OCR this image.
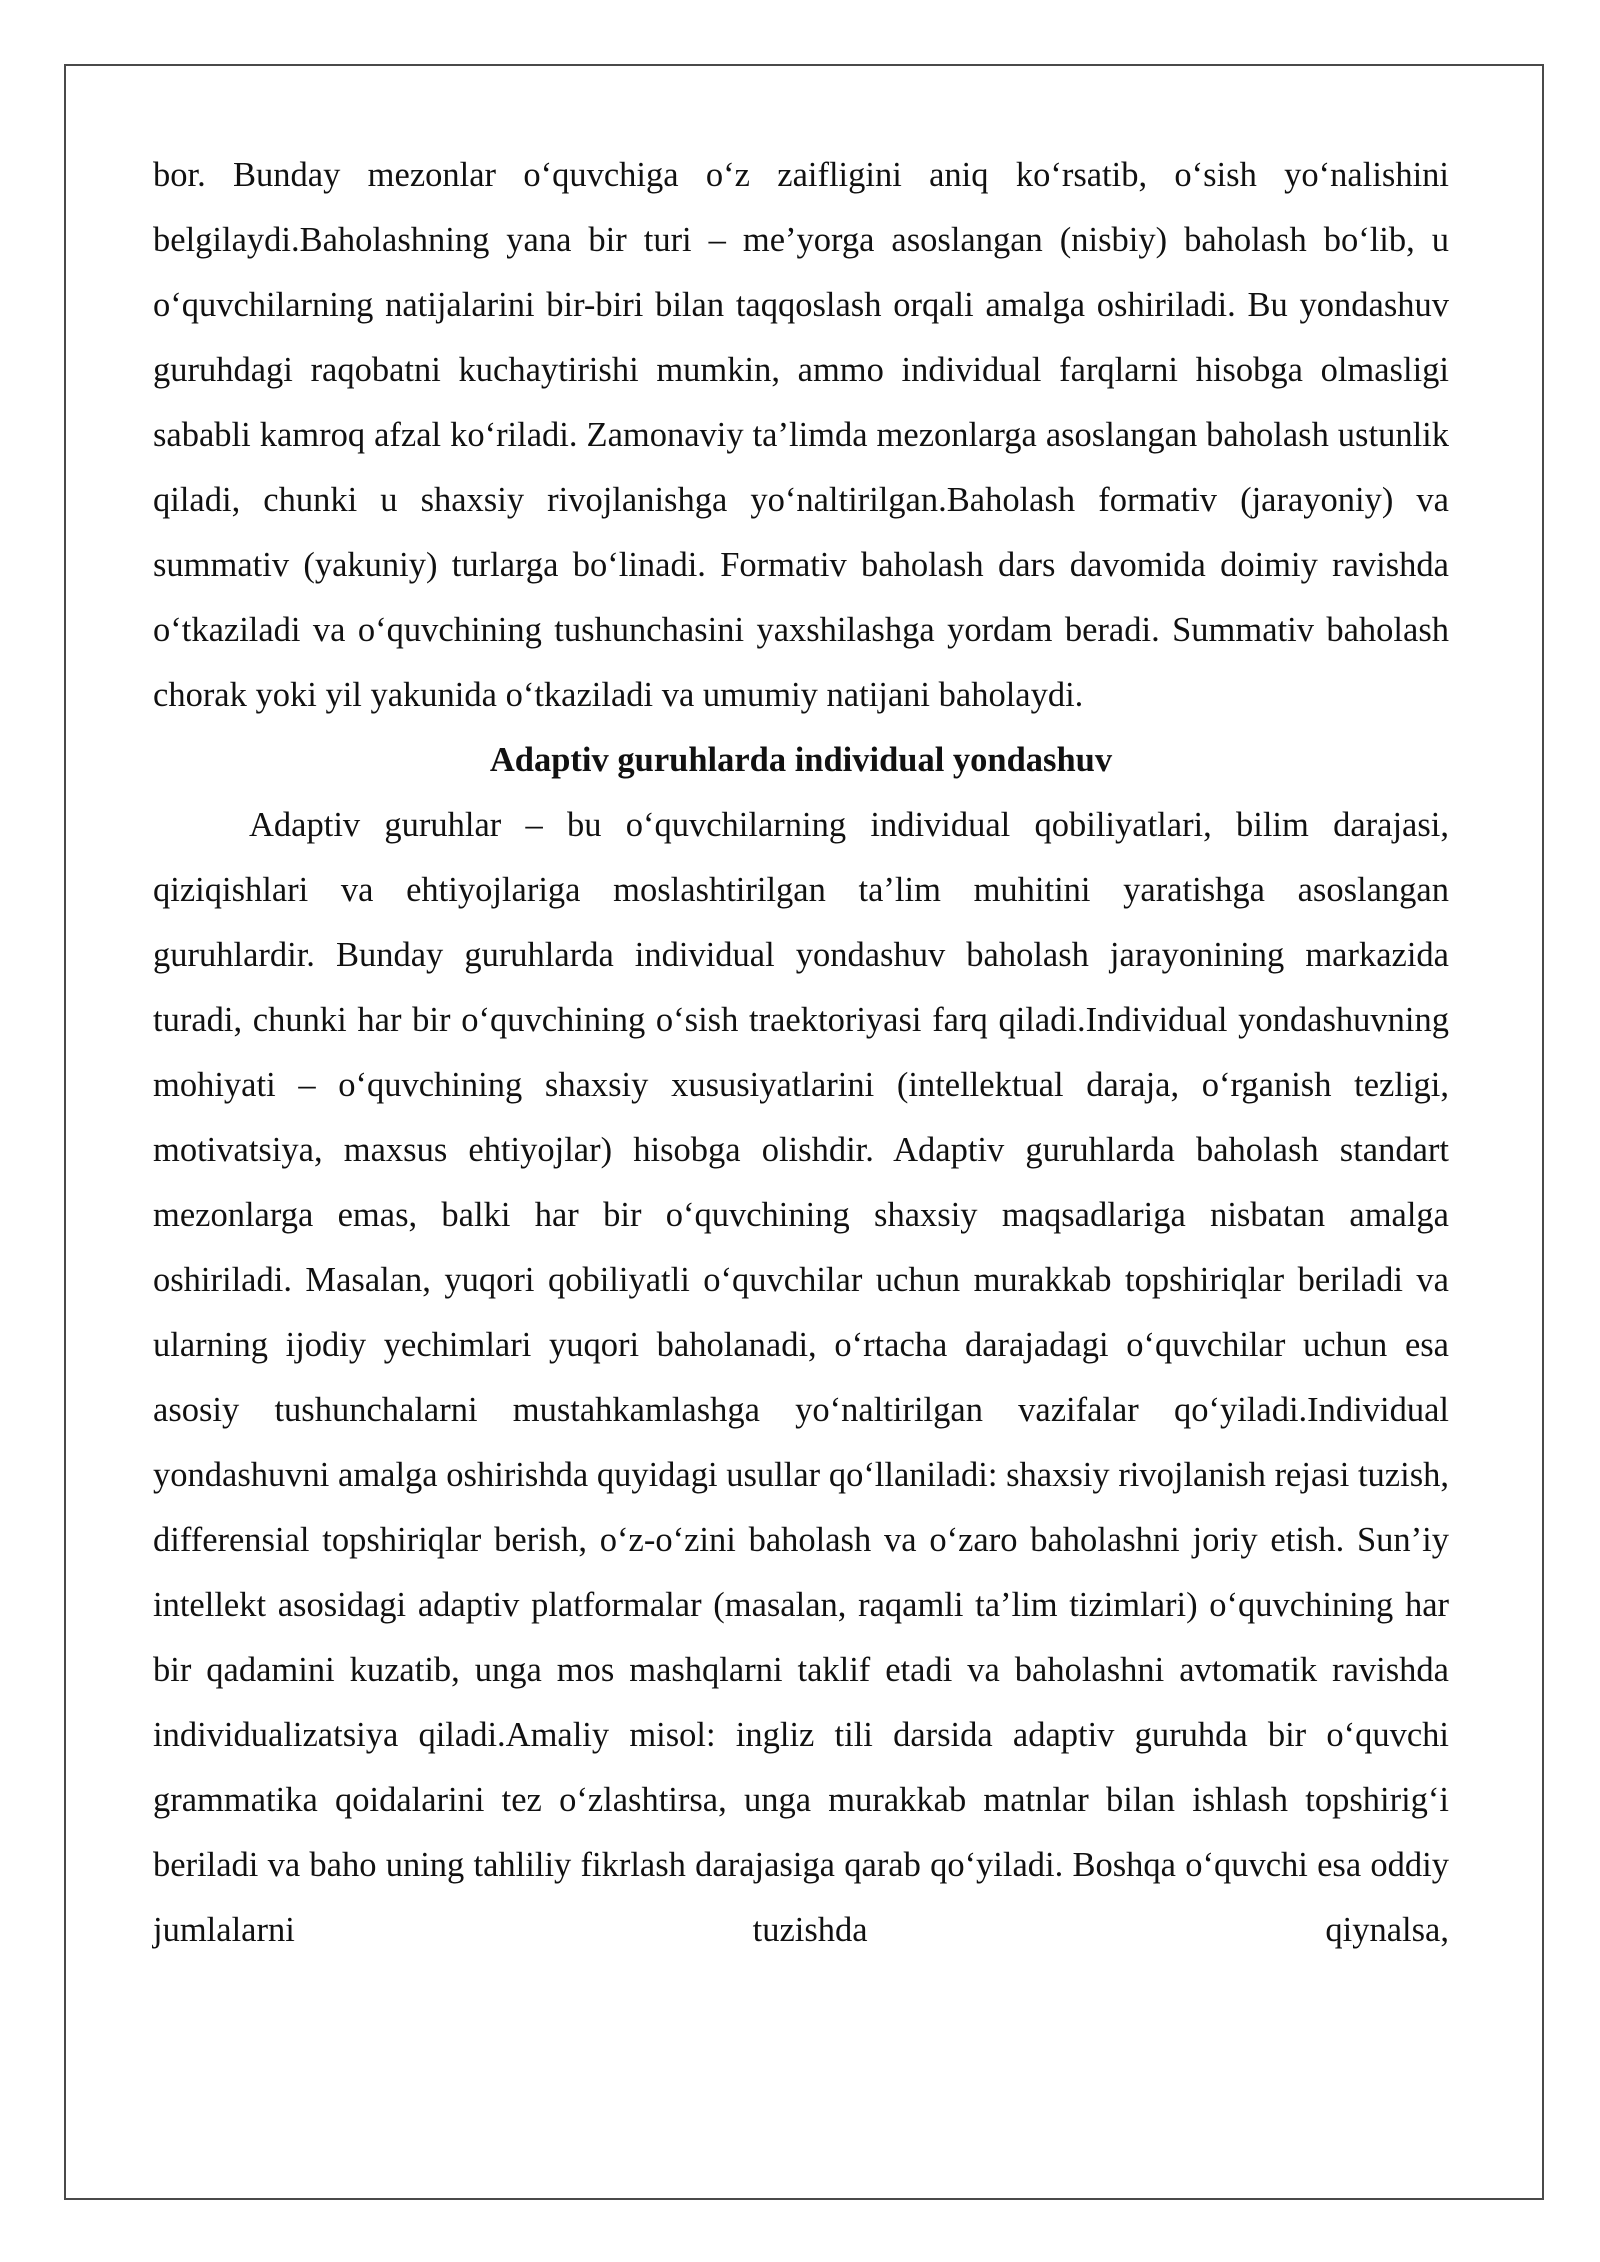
bor. Bunday mezonlar o‘quvchiga o‘z zaifligini aniq ko‘rsatib, o‘sish yo‘nalishini belgilaydi.Baholashning yana bir turi – me’yorga asoslangan (nisbiy) baholash bo‘lib, u o‘quvchilarning natijalarini bir-biri bilan taqqoslash orqali amalga oshiriladi. Bu yondashuv guruhdagi raqobatni kuchaytirishi mumkin, ammo individual farqlarni hisobga olmasligi sababli kamroq afzal ko‘riladi. Zamonaviy ta’limda mezonlarga asoslangan baholash ustunlik qiladi, chunki u shaxsiy rivojlanishga yo‘naltirilgan.Baholash formativ (jarayoniy) va summativ (yakuniy) turlarga bo‘linadi. Formativ baholash dars davomida doimiy ravishda o‘tkaziladi va o‘quvchining tushunchasini yaxshilashga yordam beradi. Summativ baholash chorak yoki yil yakunida o‘tkaziladi va umumiy natijani baholaydi.

Adaptiv guruhlarda individual yondashuv

Adaptiv guruhlar – bu o‘quvchilarning individual qobiliyatlari, bilim darajasi, qiziqishlari va ehtiyojlariga moslashtirilgan ta’lim muhitini yaratishga asoslangan guruhlardir. Bunday guruhlarda individual yondashuv baholash jarayonining markazida turadi, chunki har bir o‘quvchining o‘sish traektoriyasi farq qiladi.Individual yondashuvning mohiyati – o‘quvchining shaxsiy xususiyatlarini (intellektual daraja, o‘rganish tezligi, motivatsiya, maxsus ehtiyojlar) hisobga olishdir. Adaptiv guruhlarda baholash standart mezonlarga emas, balki har bir o‘quvchining shaxsiy maqsadlariga nisbatan amalga oshiriladi. Masalan, yuqori qobiliyatli o‘quvchilar uchun murakkab topshiriqlar beriladi va ularning ijodiy yechimlari yuqori baholanadi, o‘rtacha darajadagi o‘quvchilar uchun esa asosiy tushunchalarni mustahkamlashga yo‘naltirilgan vazifalar qo‘yiladi.Individual yondashuvni amalga oshirishda quyidagi usullar qo‘llaniladi: shaxsiy rivojlanish rejasi tuzish, differensial topshiriqlar berish, o‘z-o‘zini baholash va o‘zaro baholashni joriy etish. Sun’iy intellekt asosidagi adaptiv platformalar (masalan, raqamli ta’lim tizimlari) o‘quvchining har bir qadamini kuzatib, unga mos mashqlarni taklif etadi va baholashni avtomatik ravishda individualizatsiya qiladi.Amaliy misol: ingliz tili darsida adaptiv guruhda bir o‘quvchi grammatika qoidalarini tez o‘zlashtirsa, unga murakkab matnlar bilan ishlash topshirig‘i beriladi va baho uning tahliliy fikrlash darajasiga qarab qo‘yiladi. Boshqa o‘quvchi esa oddiy jumlalarni tuzishda qiynalsa,
